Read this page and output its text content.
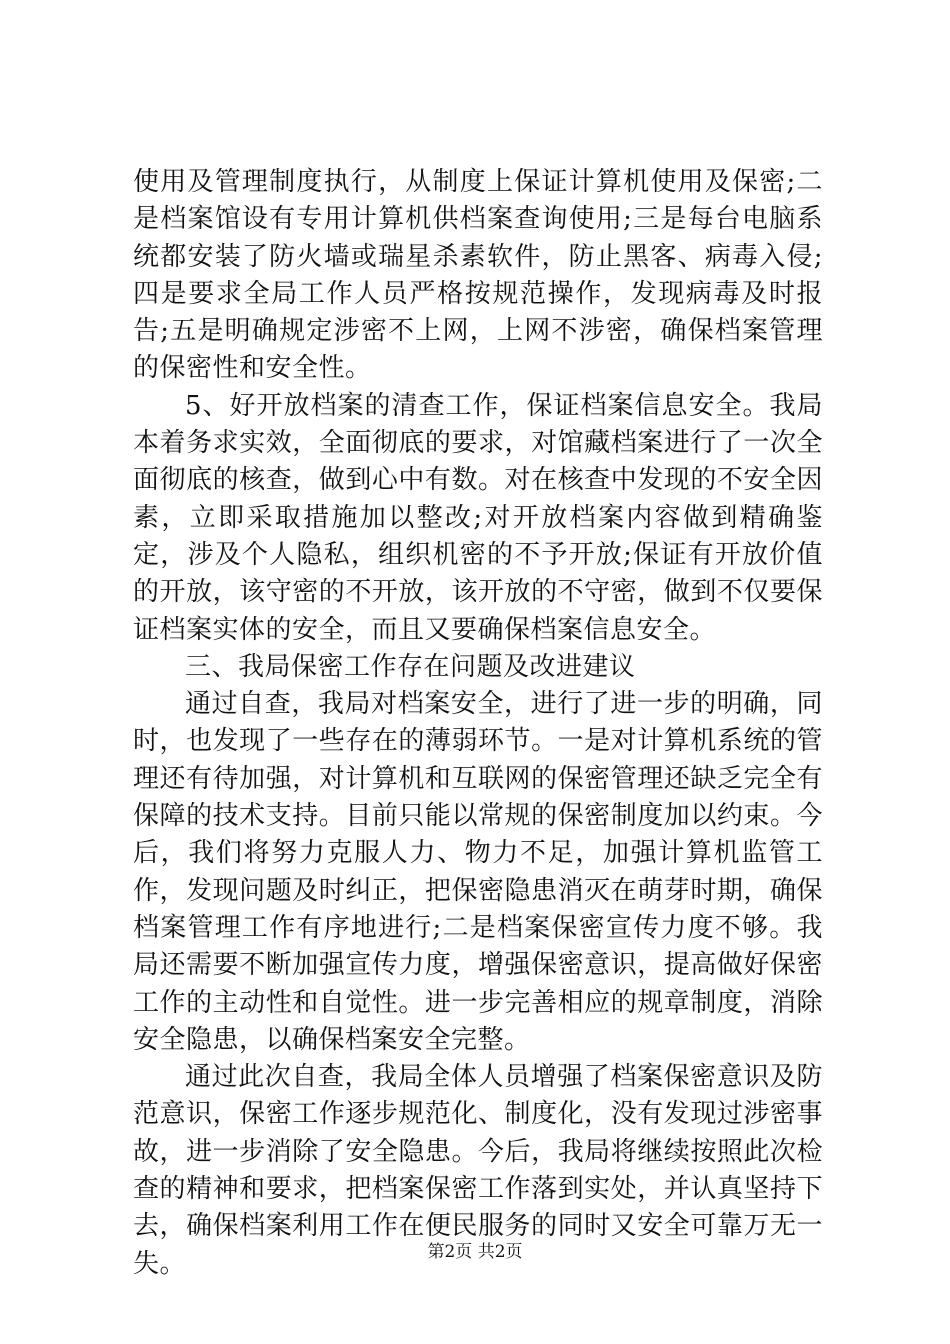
使用及管理制度执行，从制度上保证计算机使用及保密;二是档案馆设有专用计算机供档案查询使用;三是每台电脑系统都安装了防火墙或瑞星杀素软件，防止黑客、病毒入侵;四是要求全局工作人员严格按规范操作，发现病毒及时报告;五是明确规定涉密不上网，上网不涉密，确保档案管理的保密性和安全性。

5、好开放档案的清查工作，保证档案信息安全。我局本着务求实效，全面彻底的要求，对馆藏档案进行了一次全面彻底的核查，做到心中有数。对在核查中发现的不安全因素，立即采取措施加以整改;对开放档案内容做到精确鉴定，涉及个人隐私，组织机密的不予开放;保证有开放价值的开放，该守密的不开放，该开放的不守密，做到不仅要保证档案实体的安全，而且又要确保档案信息安全。

三、我局保密工作存在问题及改进建议

通过自查，我局对档案安全，进行了进一步的明确，同时，也发现了一些存在的薄弱环节。一是对计算机系统的管理还有待加强，对计算机和互联网的保密管理还缺乏完全有保障的技术支持。目前只能以常规的保密制度加以约束。今后，我们将努力克服人力、物力不足，加强计算机监管工作，发现问题及时纠正，把保密隐患消灭在萌芽时期，确保档案管理工作有序地进行;二是档案保密宣传力度不够。我局还需要不断加强宣传力度，增强保密意识，提高做好保密工作的主动性和自觉性。进一步完善相应的规章制度，消除安全隐患，以确保档案安全完整。

通过此次自查，我局全体人员增强了档案保密意识及防范意识，保密工作逐步规范化、制度化，没有发现过涉密事故，进一步消除了安全隐患。今后，我局将继续按照此次检查的精神和要求，把档案保密工作落到实处，并认真坚持下去，确保档案利用工作在便民服务的同时又安全可靠万无一失。	第2页 共2页
